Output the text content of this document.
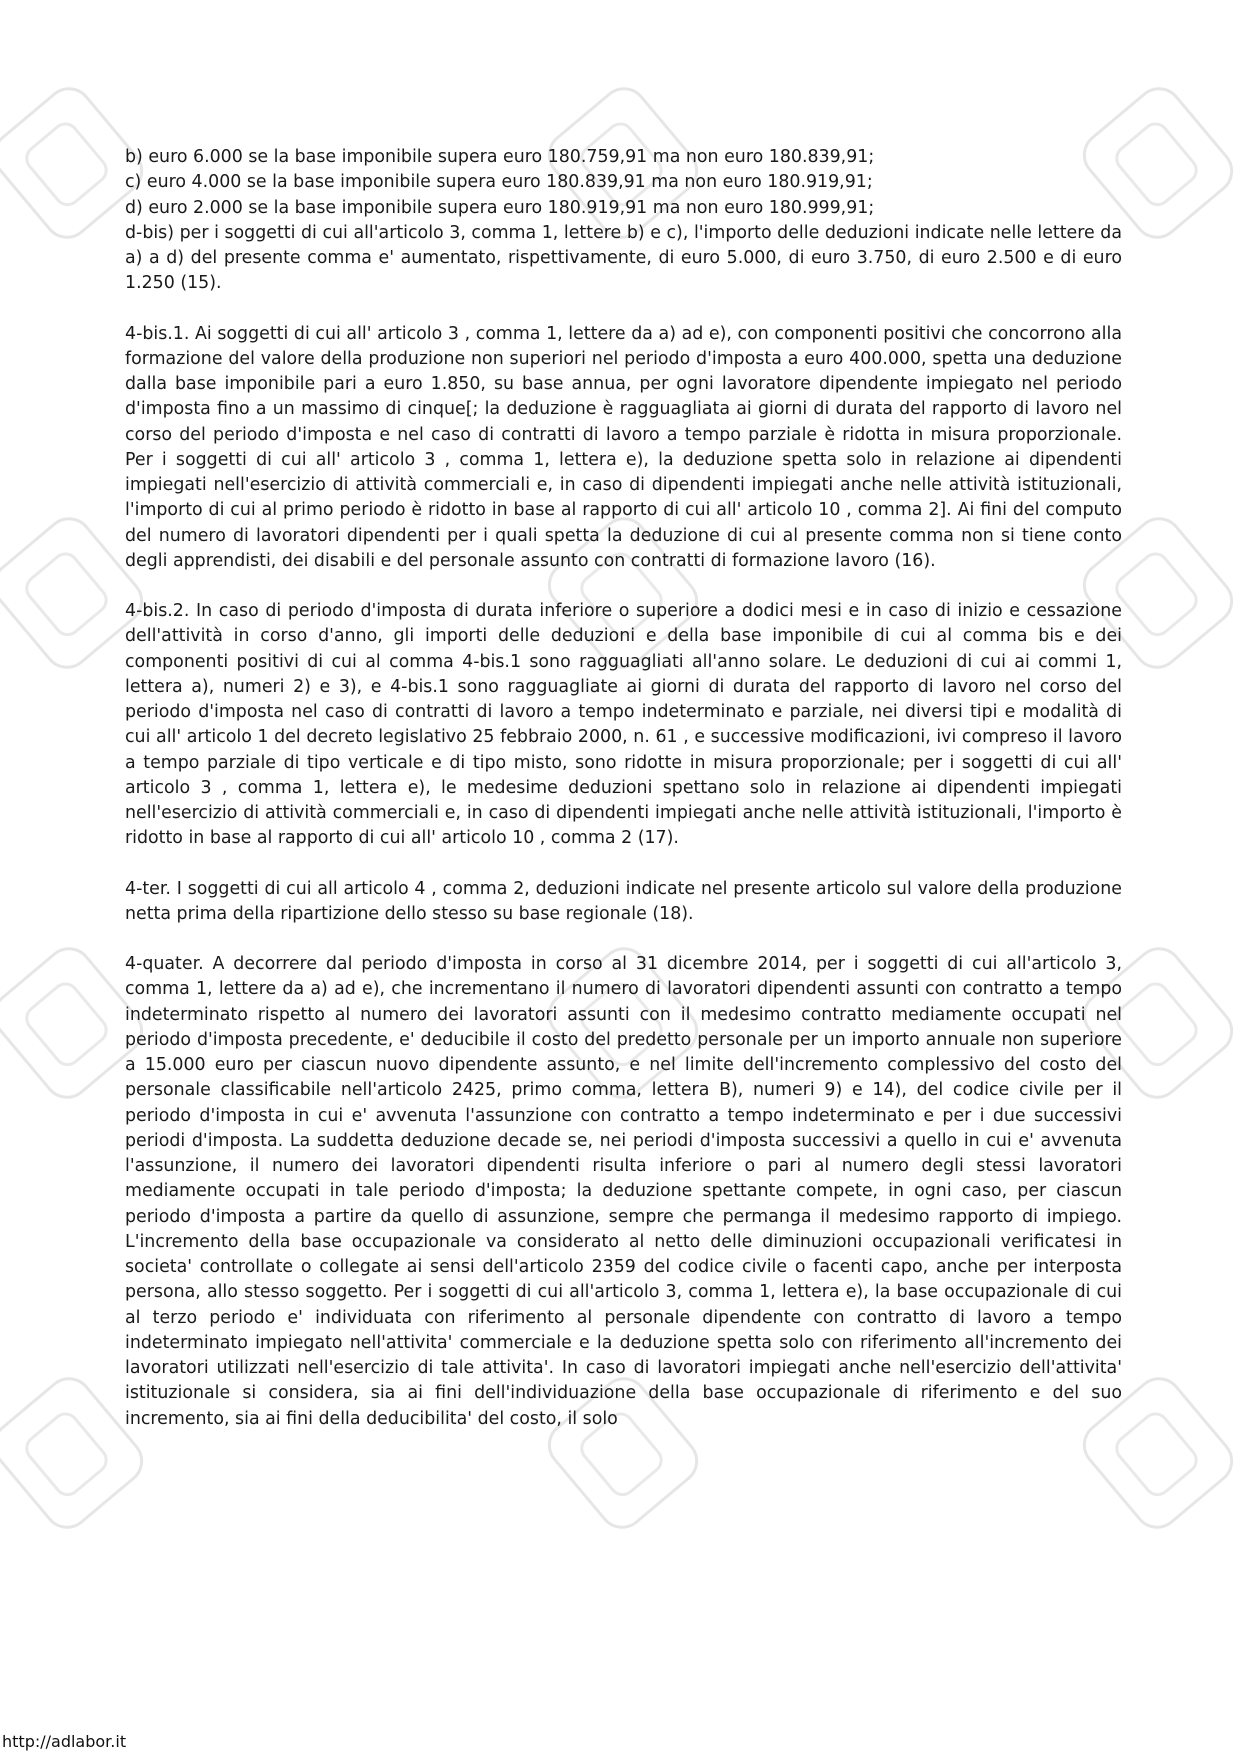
b) euro 6.000 se la base imponibile supera euro 180.759,91 ma non euro 180.839,91;

c) euro 4.000 se la base imponibile supera euro 180.839,91 ma non euro 180.919,91;

d) euro 2.000 se la base imponibile supera euro 180.919,91 ma non euro 180.999,91;

d-bis) per i soggetti di cui all'articolo 3, comma 1, lettere b) e c), l'importo delle deduzioni indicate nelle lettere da a) a d) del presente comma e' aumentato, rispettivamente, di euro 5.000, di euro 3.750, di euro 2.500 e di euro 1.250 (15).

4-bis.1. Ai soggetti di cui all' articolo 3 , comma 1, lettere da a) ad e), con componenti positivi che concorrono alla formazione del valore della produzione non superiori nel periodo d'imposta a euro 400.000, spetta una deduzione dalla base imponibile pari a euro 1.850, su base annua, per ogni lavoratore dipendente impiegato nel periodo d'imposta fino a un massimo di cinque[; la deduzione è ragguagliata ai giorni di durata del rapporto di lavoro nel corso del periodo d'imposta e nel caso di contratti di lavoro a tempo parziale è ridotta in misura proporzionale. Per i soggetti di cui all' articolo 3 , comma 1, lettera e), la deduzione spetta solo in relazione ai dipendenti impiegati nell'esercizio di attività commerciali e, in caso di dipendenti impiegati anche nelle attività istituzionali, l'importo di cui al primo periodo è ridotto in base al rapporto di cui all' articolo 10 , comma 2]. Ai fini del computo del numero di lavoratori dipendenti per i quali spetta la deduzione di cui al presente comma non si tiene conto degli apprendisti, dei disabili e del personale assunto con contratti di formazione lavoro (16).

4-bis.2. In caso di periodo d'imposta di durata inferiore o superiore a dodici mesi e in caso di inizio e cessazione dell'attività in corso d'anno, gli importi delle deduzioni e della base imponibile di cui al comma bis e dei componenti positivi di cui al comma 4-bis.1 sono ragguagliati all'anno solare. Le deduzioni di cui ai commi 1, lettera a), numeri 2) e 3), e 4-bis.1 sono ragguagliate ai giorni di durata del rapporto di lavoro nel corso del periodo d'imposta nel caso di contratti di lavoro a tempo indeterminato e parziale, nei diversi tipi e modalità di cui all' articolo 1 del decreto legislativo 25 febbraio 2000, n. 61 , e successive modificazioni, ivi compreso il lavoro a tempo parziale di tipo verticale e di tipo misto, sono ridotte in misura proporzionale; per i soggetti di cui all' articolo 3 , comma 1, lettera e), le medesime deduzioni spettano solo in relazione ai dipendenti impiegati nell'esercizio di attività commerciali e, in caso di dipendenti impiegati anche nelle attività istituzionali, l'importo è ridotto in base al rapporto di cui all' articolo 10 , comma 2 (17).

4-ter. I soggetti di cui all articolo 4 , comma 2, deduzioni indicate nel presente articolo sul valore della produzione netta prima della ripartizione dello stesso su base regionale (18).

4-quater. A decorrere dal periodo d'imposta in corso al 31 dicembre 2014, per i soggetti di cui all'articolo 3, comma 1, lettere da a) ad e), che incrementano il numero di lavoratori dipendenti assunti con contratto a tempo indeterminato rispetto al numero dei lavoratori assunti con il medesimo contratto mediamente occupati nel periodo d'imposta precedente, e' deducibile il costo del predetto personale per un importo annuale non superiore a 15.000 euro per ciascun nuovo dipendente assunto, e nel limite dell'incremento complessivo del costo del personale classificabile nell'articolo 2425, primo comma, lettera B), numeri 9) e 14), del codice civile per il periodo d'imposta in cui e' avvenuta l'assunzione con contratto a tempo indeterminato e per i due successivi periodi d'imposta. La suddetta deduzione decade se, nei periodi d'imposta successivi a quello in cui e' avvenuta l'assunzione, il numero dei lavoratori dipendenti risulta inferiore o pari al numero degli stessi lavoratori mediamente occupati in tale periodo d'imposta; la deduzione spettante compete, in ogni caso, per ciascun periodo d'imposta a partire da quello di assunzione, sempre che permanga il medesimo rapporto di impiego. L'incremento della base occupazionale va considerato al netto delle diminuzioni occupazionali verificatesi in societa' controllate o collegate ai sensi dell'articolo 2359 del codice civile o facenti capo, anche per interposta persona, allo stesso soggetto. Per i soggetti di cui all'articolo 3, comma 1, lettera e), la base occupazionale di cui al terzo periodo e' individuata con riferimento al personale dipendente con contratto di lavoro a tempo indeterminato impiegato nell'attivita' commerciale e la deduzione spetta solo con riferimento all'incremento dei lavoratori utilizzati nell'esercizio di tale attivita'. In caso di lavoratori impiegati anche nell'esercizio dell'attivita' istituzionale si considera, sia ai fini dell'individuazione della base occupazionale di riferimento e del suo incremento, sia ai fini della deducibilita' del costo, il solo

http://adlabor.it
